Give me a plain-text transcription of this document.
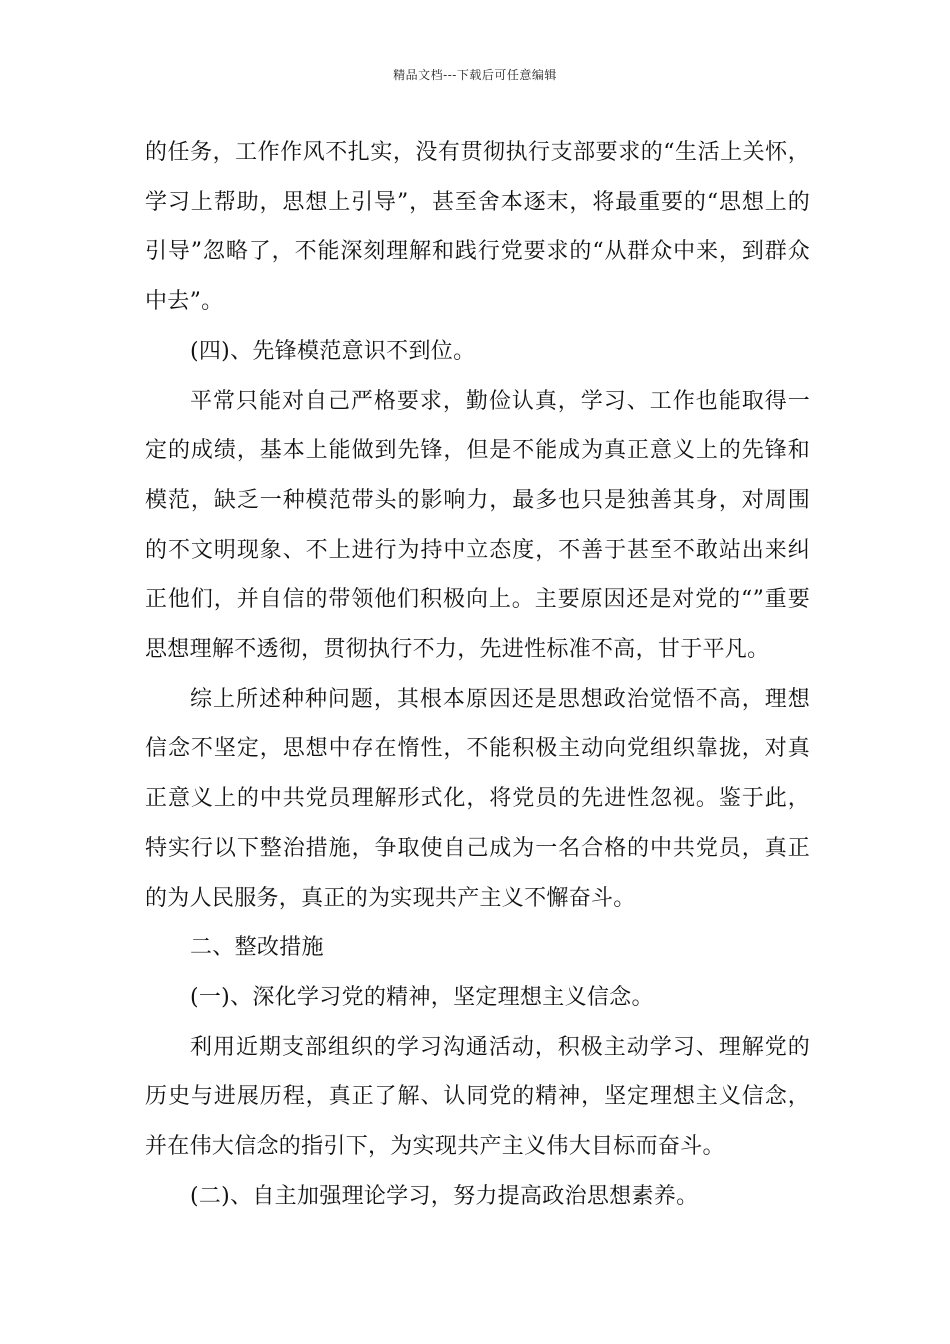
精品文档---下载后可任意编辑

的任务，工作作风不扎实，没有贯彻执行支部要求的“生活上关怀，学习上帮助，思想上引导”，甚至舍本逐末，将最重要的“思想上的引导”忽略了，不能深刻理解和践行党要求的“从群众中来，到群众中去”。

(四)、先锋模范意识不到位。

平常只能对自己严格要求，勤俭认真，学习、工作也能取得一定的成绩，基本上能做到先锋，但是不能成为真正意义上的先锋和模范，缺乏一种模范带头的影响力，最多也只是独善其身，对周围的不文明现象、不上进行为持中立态度，不善于甚至不敢站出来纠正他们，并自信的带领他们积极向上。主要原因还是对党的“”重要思想理解不透彻，贯彻执行不力，先进性标准不高，甘于平凡。

综上所述种种问题，其根本原因还是思想政治觉悟不高，理想信念不坚定，思想中存在惰性，不能积极主动向党组织靠拢，对真正意义上的中共党员理解形式化，将党员的先进性忽视。鉴于此，特实行以下整治措施，争取使自己成为一名合格的中共党员，真正的为人民服务，真正的为实现共产主义不懈奋斗。

二、整改措施

(一)、深化学习党的精神，坚定理想主义信念。

利用近期支部组织的学习沟通活动，积极主动学习、理解党的历史与进展历程，真正了解、认同党的精神，坚定理想主义信念，并在伟大信念的指引下，为实现共产主义伟大目标而奋斗。

(二)、自主加强理论学习，努力提高政治思想素养。
